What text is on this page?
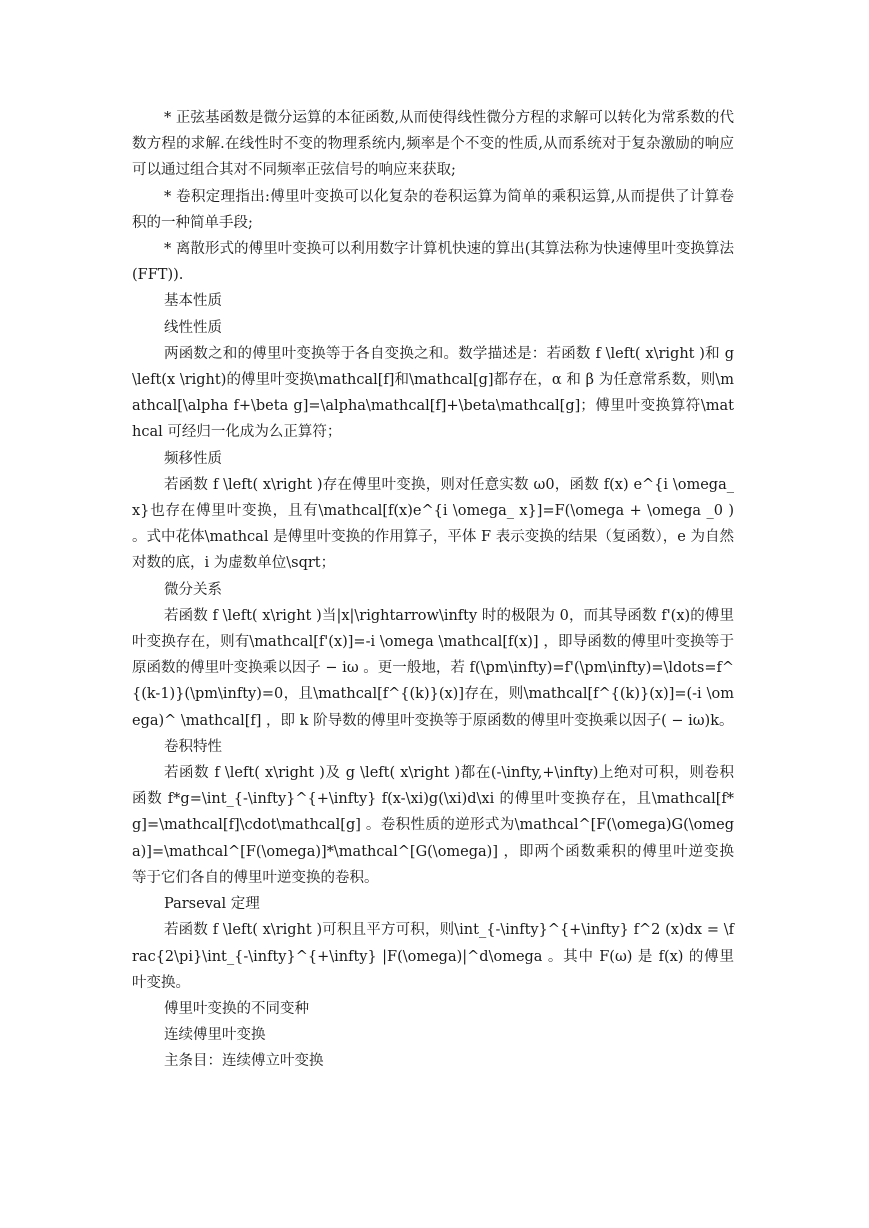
* 正弦基函数是微分运算的本征函数,从而使得线性微分方程的求解可以转化为常系数的代数方程的求解.在线性时不变的物理系统内,频率是个不变的性质,从而系统对于复杂激励的响应可以通过组合其对不同频率正弦信号的响应来获取;

* 卷积定理指出:傅里叶变换可以化复杂的卷积运算为简单的乘积运算,从而提供了计算卷积的一种简单手段;

* 离散形式的傅里叶变换可以利用数字计算机快速的算出(其算法称为快速傅里叶变换算法(FFT)).

基本性质

线性性质

两函数之和的傅里叶变换等于各自变换之和。数学描述是：若函数 f \left( x\right )和 g \left(x \right)的傅里叶变换\mathcal[f]和\mathcal[g]都存在，α 和 β 为任意常系数，则\mathcal[\alpha f+\beta g]=\alpha\mathcal[f]+\beta\mathcal[g]；傅里叶变换算符\mathcal 可经归一化成为么正算符；

频移性质

若函数 f \left( x\right )存在傅里叶变换，则对任意实数 ω0，函数 f(x) e^{i \omega_ x}也存在傅里叶变换，且有\mathcal[f(x)e^{i \omega_ x}]=F(\omega + \omega _0 ) 。式中花体\mathcal 是傅里叶变换的作用算子，平体 F 表示变换的结果（复函数），e 为自然对数的底，i 为虚数单位\sqrt；

微分关系

若函数 f \left( x\right )当|x|\rightarrow\infty 时的极限为 0，而其导函数 f'(x)的傅里叶变换存在，则有\mathcal[f'(x)]=-i \omega \mathcal[f(x)] ，即导函数的傅里叶变换等于原函数的傅里叶变换乘以因子 − iω 。更一般地，若 f(\pm\infty)=f'(\pm\infty)=\ldots=f^{(k-1)}(\pm\infty)=0，且\mathcal[f^{(k)}(x)]存在，则\mathcal[f^{(k)}(x)]=(-i \omega)^ \mathcal[f] ，即 k 阶导数的傅里叶变换等于原函数的傅里叶变换乘以因子( − iω)k。

卷积特性

若函数 f \left( x\right )及 g \left( x\right )都在(-\infty,+\infty)上绝对可积，则卷积函数 f*g=\int_{-\infty}^{+\infty} f(x-\xi)g(\xi)d\xi 的傅里叶变换存在，且\mathcal[f*g]=\mathcal[f]\cdot\mathcal[g] 。卷积性质的逆形式为\mathcal^[F(\omega)G(\omega)]=\mathcal^[F(\omega)]*\mathcal^[G(\omega)] ，即两个函数乘积的傅里叶逆变换等于它们各自的傅里叶逆变换的卷积。

Parseval 定理

若函数 f \left( x\right )可积且平方可积，则\int_{-\infty}^{+\infty} f^2 (x)dx = \frac{2\pi}\int_{-\infty}^{+\infty} |F(\omega)|^d\omega 。其中 F(ω) 是 f(x) 的傅里叶变换。

傅里叶变换的不同变种

连续傅里叶变换

主条目：连续傅立叶变换
